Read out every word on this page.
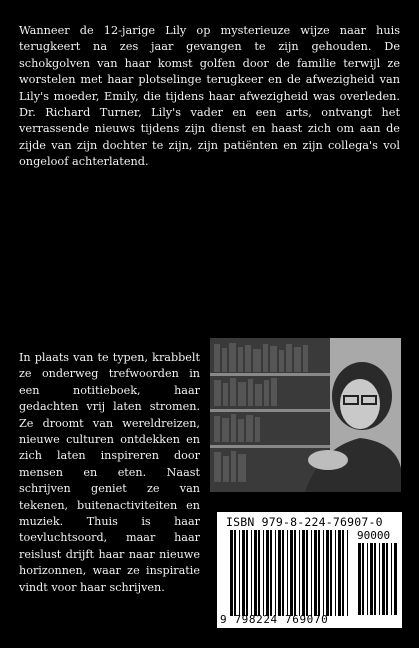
Wanneer de 12-jarige Lily op mysterieuze wijze naar huis terugkeert na zes jaar gevangen te zijn gehouden. De schokgolven van haar komst golfen door de familie terwijl ze worstelen met haar plotselinge terugkeer en de afwezigheid van Lily's moeder, Emily, die tijdens haar afwezigheid was overleden. Dr. Richard Turner, Lily's vader en een arts, ontvangt het verrassende nieuws tijdens zijn dienst en haast zich om aan de zijde van zijn dochter te zijn, zijn patiënten en zijn collega's vol ongeloof achterlatend.

In plaats van te typen, krabbelt ze onderweg trefwoorden in een notitieboek, haar gedachten vrij laten stromen. Ze droomt van wereldreizen, nieuwe culturen ontdekken en zich laten inspireren door mensen en eten. Naast schrijven geniet ze van tekenen, buitenactiviteiten en muziek. Thuis is haar toevluchtsoord, maar haar reislust drijft haar naar nieuwe horizonnen, waar ze inspiratie vindt voor haar schrijven.

ISBN 979-8-224-76907-0
90000
9 798224 769070
